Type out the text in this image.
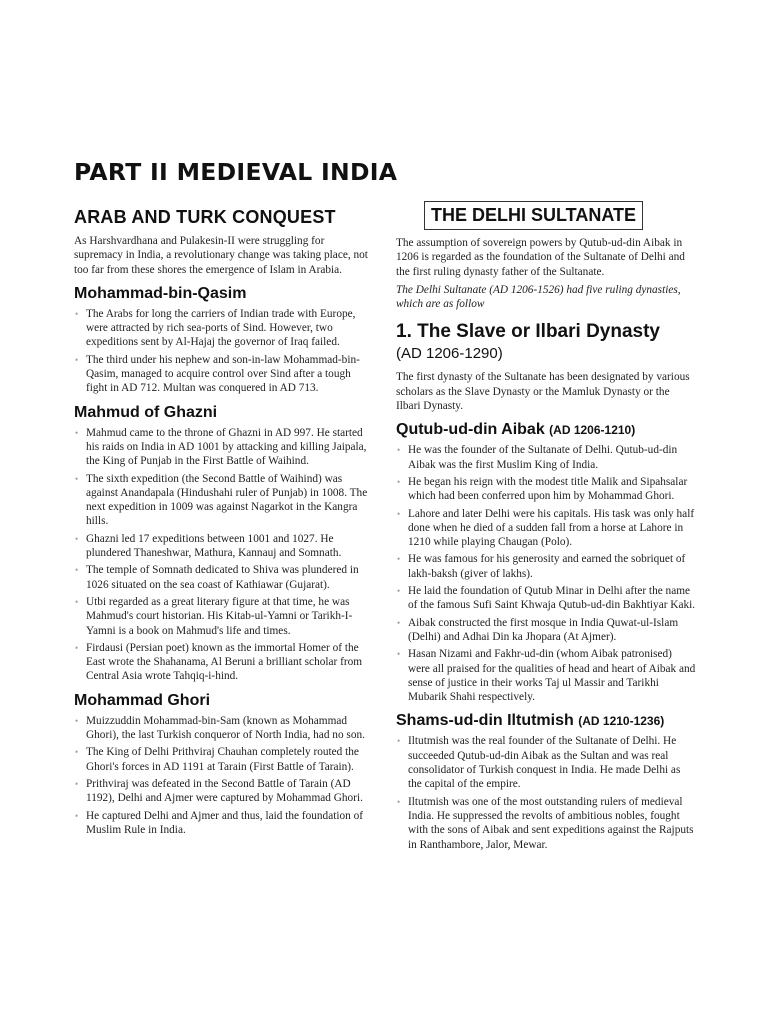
PART II MEDIEVAL INDIA
ARAB AND TURK CONQUEST

As Harshvardhana and Pulakesin-II were struggling for supremacy in India, a revolutionary change was taking place, not too far from these shores the emergence of Islam in Arabia.

Mohammad-bin-Qasim
• The Arabs for long the carriers of Indian trade with Europe, were attracted by rich sea-ports of Sind. However, two expeditions sent by Al-Hajaj the governor of Iraq failed.
• The third under his nephew and son-in-law Mohammad-bin-Qasim, managed to acquire control over Sind after a tough fight in AD 712. Multan was conquered in AD 713.
Mahmud of Ghazni
• Mahmud came to the throne of Ghazni in AD 997. He started his raids on India in AD 1001 by attacking and killing Jaipala, the King of Punjab in the First Battle of Waihind.
• The sixth expedition (the Second Battle of Waihind) was against Anandapala (Hindushahi ruler of Punjab) in 1008. The next expedition in 1009 was against Nagarkot in the Kangra hills.
• Ghazni led 17 expeditions between 1001 and 1027. He plundered Thaneshwar, Mathura, Kannauj and Somnath.
• The temple of Somnath dedicated to Shiva was plundered in 1026 situated on the sea coast of Kathiawar (Gujarat).
• Utbi regarded as a great literary figure at that time, he was Mahmud's court historian. His Kitab-ul-Yamni or Tarikh-I-Yamni is a book on Mahmud's life and times.
• Firdausi (Persian poet) known as the immortal Homer of the East wrote the Shahanama, Al Beruni a brilliant scholar from Central Asia wrote Tahqiq-i-hind.
Mohammad Ghori
• Muizzuddin Mohammad-bin-Sam (known as Mohammad Ghori), the last Turkish conqueror of North India, had no son.
• The King of Delhi Prithviraj Chauhan completely routed the Ghori's forces in AD 1191 at Tarain (First Battle of Tarain).
• Prithviraj was defeated in the Second Battle of Tarain (AD 1192), Delhi and Ajmer were captured by Mohammad Ghori.
• He captured Delhi and Ajmer and thus, laid the foundation of Muslim Rule in India.
THE DELHI SULTANATE

The assumption of sovereign powers by Qutub-ud-din Aibak in 1206 is regarded as the foundation of the Sultanate of Delhi and the first ruling dynasty father of the Sultanate.

The Delhi Sultanate (AD 1206-1526) had five ruling dynasties, which are as follow

1. The Slave or Ilbari Dynasty
(AD 1206-1290)

The first dynasty of the Sultanate has been designated by various scholars as the Slave Dynasty or the Mamluk Dynasty or the Ilbari Dynasty.

Qutub-ud-din Aibak (AD 1206-1210)
• He was the founder of the Sultanate of Delhi. Qutub-ud-din Aibak was the first Muslim King of India.
• He began his reign with the modest title Malik and Sipahsalar which had been conferred upon him by Mohammad Ghori.
• Lahore and later Delhi were his capitals. His task was only half done when he died of a sudden fall from a horse at Lahore in 1210 while playing Chaugan (Polo).
• He was famous for his generosity and earned the sobriquet of lakh-baksh (giver of lakhs).
• He laid the foundation of Qutub Minar in Delhi after the name of the famous Sufi Saint Khwaja Qutub-ud-din Bakhtiyar Kaki.
• Aibak constructed the first mosque in India Quwat-ul-Islam (Delhi) and Adhai Din ka Jhopara (At Ajmer).
• Hasan Nizami and Fakhr-ud-din (whom Aibak patronised) were all praised for the qualities of head and heart of Aibak and sense of justice in their works Taj ul Massir and Tarikhi Mubarik Shahi respectively.
Shams-ud-din Iltutmish (AD 1210-1236)
• Iltutmish was the real founder of the Sultanate of Delhi. He succeeded Qutub-ud-din Aibak as the Sultan and was real consolidator of Turkish conquest in India. He made Delhi as the capital of the empire.
• Iltutmish was one of the most outstanding rulers of medieval India. He suppressed the revolts of ambitious nobles, fought with the sons of Aibak and sent expeditions against the Rajputs in Ranthambore, Jalor, Mewar.
